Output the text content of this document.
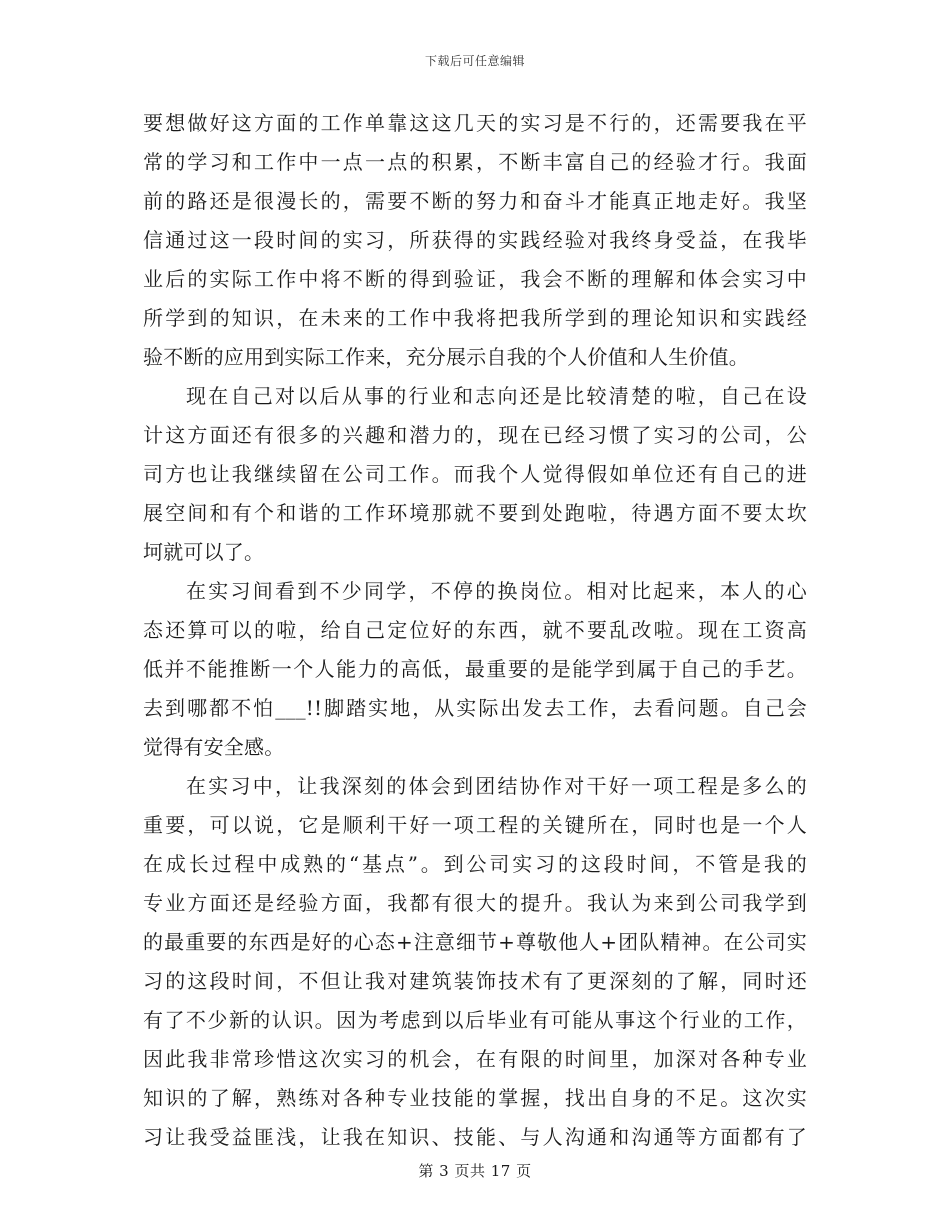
下载后可任意编辑
要想做好这方面的工作单靠这这几天的实习是不行的，还需要我在平
常的学习和工作中一点一点的积累，不断丰富自己的经验才行。我面
前的路还是很漫长的，需要不断的努力和奋斗才能真正地走好。我坚
信通过这一段时间的实习，所获得的实践经验对我终身受益，在我毕
业后的实际工作中将不断的得到验证，我会不断的理解和体会实习中
所学到的知识，在未来的工作中我将把我所学到的理论知识和实践经
验不断的应用到实际工作来，充分展示自我的个人价值和人生价值。
现在自己对以后从事的行业和志向还是比较清楚的啦，自己在设
计这方面还有很多的兴趣和潜力的，现在已经习惯了实习的公司，公
司方也让我继续留在公司工作。而我个人觉得假如单位还有自己的进
展空间和有个和谐的工作环境那就不要到处跑啦，待遇方面不要太坎
坷就可以了。
在实习间看到不少同学，不停的换岗位。相对比起来，本人的心
态还算可以的啦，给自己定位好的东西，就不要乱改啦。现在工资高
低并不能推断一个人能力的高低，最重要的是能学到属于自己的手艺。
去到哪都不怕___!!脚踏实地，从实际出发去工作，去看问题。自己会
觉得有安全感。
在实习中，让我深刻的体会到团结协作对干好一项工程是多么的
重要，可以说，它是顺利干好一项工程的关键所在，同时也是一个人
在成长过程中成熟的“基点”。到公司实习的这段时间，不管是我的
专业方面还是经验方面，我都有很大的提升。我认为来到公司我学到
的最重要的东西是好的心态+注意细节+尊敬他人+团队精神。在公司实
习的这段时间，不但让我对建筑装饰技术有了更深刻的了解，同时还
有了不少新的认识。因为考虑到以后毕业有可能从事这个行业的工作，
因此我非常珍惜这次实习的机会，在有限的时间里，加深对各种专业
知识的了解，熟练对各种专业技能的掌握，找出自身的不足。这次实
习让我受益匪浅，让我在知识、技能、与人沟通和沟通等方面都有了
第 3 页共 17 页
